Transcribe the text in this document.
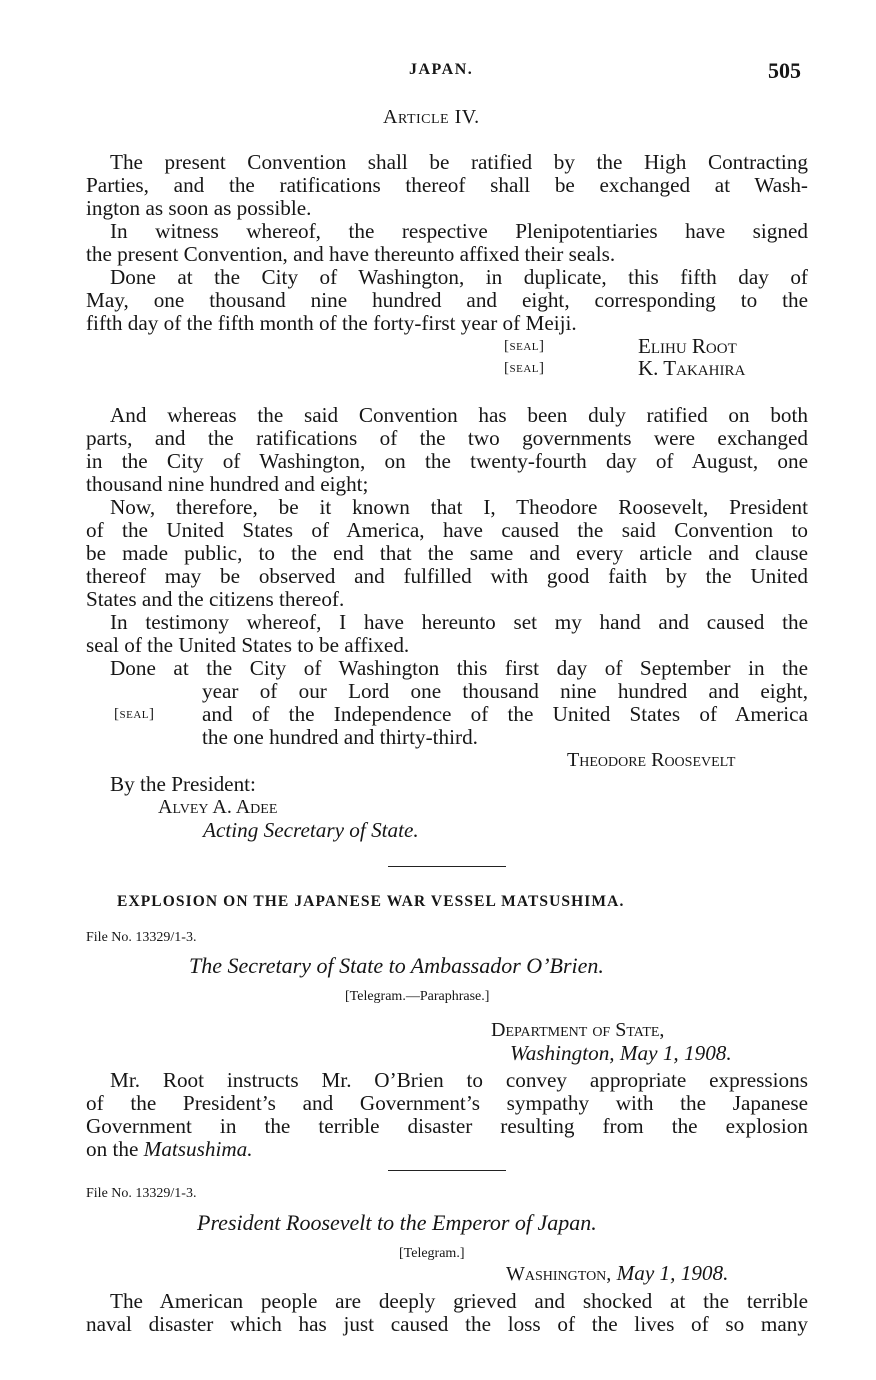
JAPAN.	505
Article IV.
The present Convention shall be ratified by the High Contracting
Parties, and the ratifications thereof shall be exchanged at Wash-
ington as soon as possible.
In witness whereof, the respective Plenipotentiaries have signed
the present Convention, and have thereunto affixed their seals.
Done at the City of Washington, in duplicate, this fifth day of
May, one thousand nine hundred and eight, corresponding to the
fifth day of the fifth month of the forty-first year of Meiji.
[seal]	Elihu Root
[seal]	K. Takahira
And whereas the said Convention has been duly ratified on both
parts, and the ratifications of the two governments were exchanged
in the City of Washington, on the twenty-fourth day of August, one
thousand nine hundred and eight;
Now, therefore, be it known that I, Theodore Roosevelt, President
of the United States of America, have caused the said Convention to
be made public, to the end that the same and every article and clause
thereof may be observed and fulfilled with good faith by the United
States and the citizens thereof.
In testimony whereof, I have hereunto set my hand and caused the
seal of the United States to be affixed.
Done at the City of Washington this first day of September in the
year of our Lord one thousand nine hundred and eight,
and of the Independence of the United States of America
the one hundred and thirty-third.
[seal]
Theodore Roosevelt
By the President:
Alvey A. Adee
Acting Secretary of State.
EXPLOSION ON THE JAPANESE WAR VESSEL MATSUSHIMA.
File No. 13329/1-3.
The Secretary of State to Ambassador O’Brien.
[Telegram.—Paraphrase.]
Department of State,
Washington, May 1, 1908.
Mr. Root instructs Mr. O’Brien to convey appropriate expressions
of the President’s and Government’s sympathy with the Japanese
Government in the terrible disaster resulting from the explosion
on the Matsushima.
File No. 13329/1-3.
President Roosevelt to the Emperor of Japan.
[Telegram.]
Washington, May 1, 1908.
The American people are deeply grieved and shocked at the terrible
naval disaster which has just caused the loss of the lives of so many
